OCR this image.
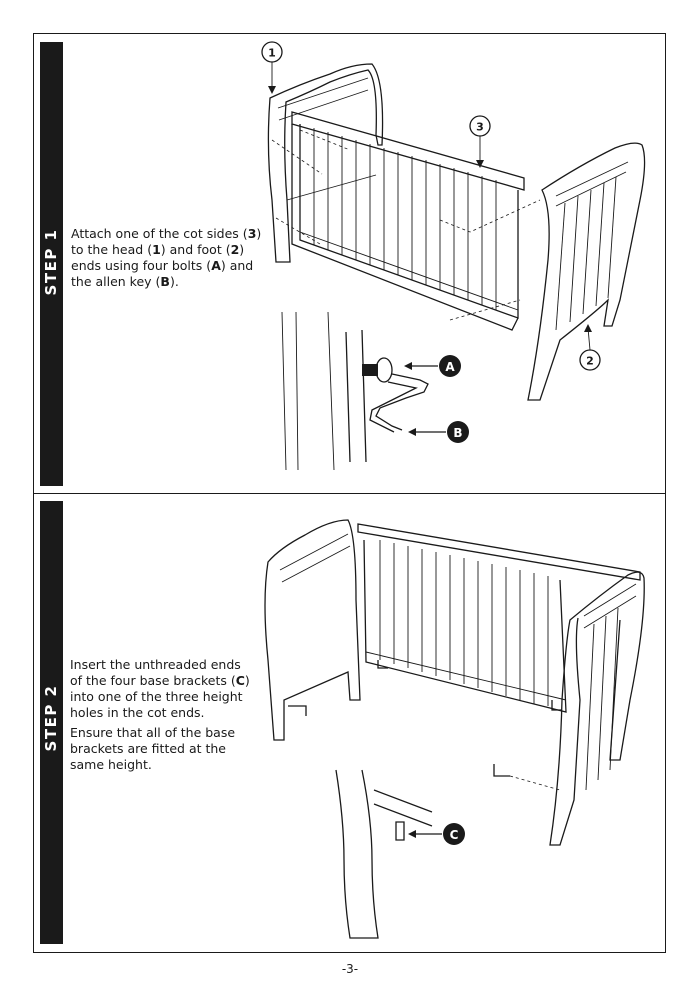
STEP 1 Attach one of the cot sides (3) to the head (1) and foot (2) ends using four bolts (A) and the allen key (B).
STEP 2

Insert the unthreaded ends of the four base brackets (C) into one of the three height holes in the cot ends.

Ensure that all of the base brackets are fitted at the same height.

-3-
1
3
2
A
B
C
